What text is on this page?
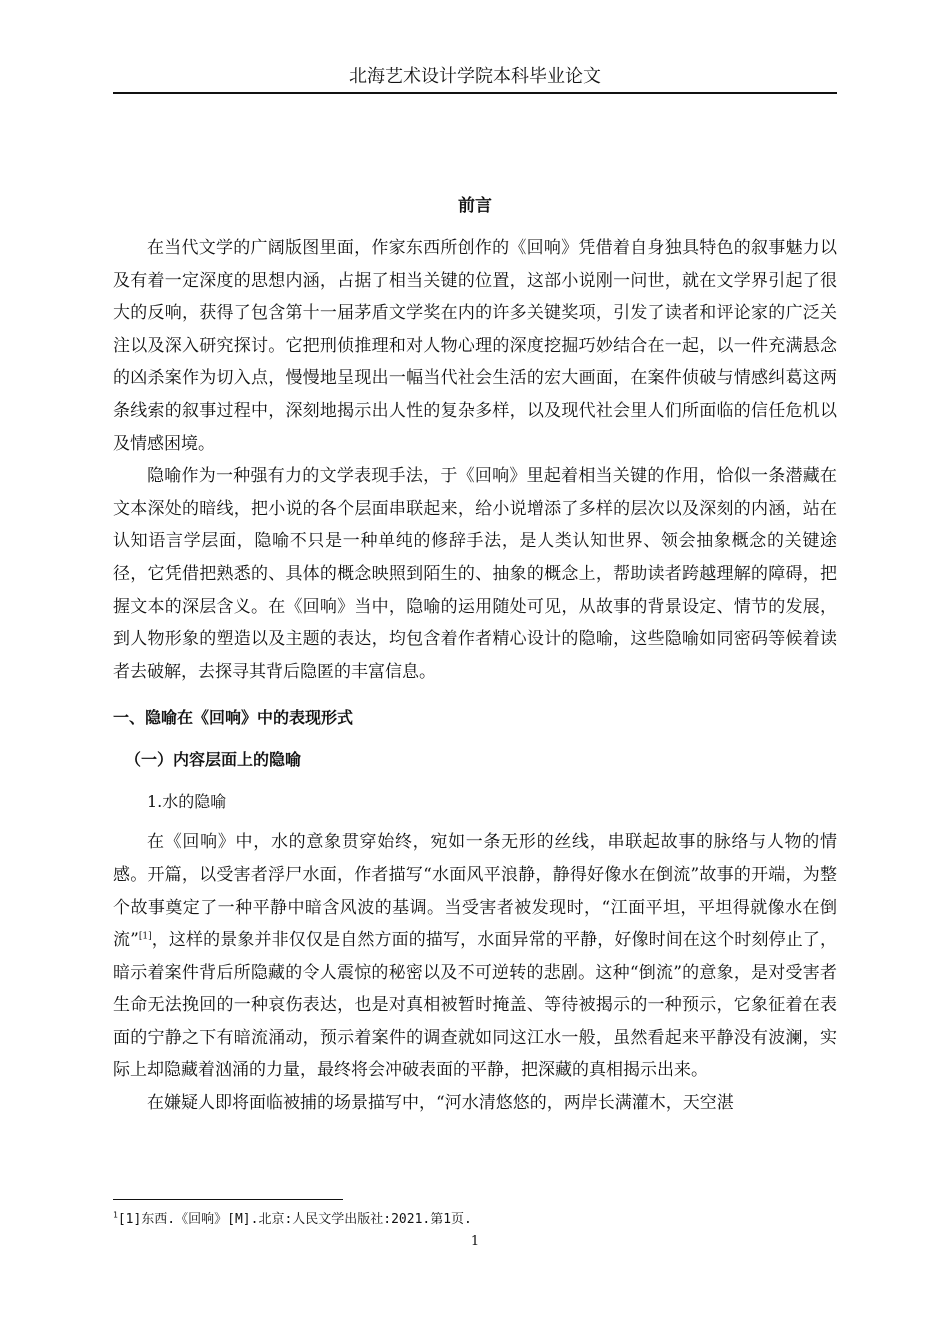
北海艺术设计学院本科毕业论文
前言

在当代文学的广阔版图里面，作家东西所创作的《回响》凭借着自身独具特色的叙事魅力以及有着一定深度的思想内涵，占据了相当关键的位置，这部小说刚一问世，就在文学界引起了很大的反响，获得了包含第十一届茅盾文学奖在内的许多关键奖项，引发了读者和评论家的广泛关注以及深入研究探讨。它把刑侦推理和对人物心理的深度挖掘巧妙结合在一起，以一件充满悬念的凶杀案作为切入点，慢慢地呈现出一幅当代社会生活的宏大画面，在案件侦破与情感纠葛这两条线索的叙事过程中，深刻地揭示出人性的复杂多样，以及现代社会里人们所面临的信任危机以及情感困境。

隐喻作为一种强有力的文学表现手法，于《回响》里起着相当关键的作用，恰似一条潜藏在文本深处的暗线，把小说的各个层面串联起来，给小说增添了多样的层次以及深刻的内涵，站在认知语言学层面，隐喻不只是一种单纯的修辞手法，是人类认知世界、领会抽象概念的关键途径，它凭借把熟悉的、具体的概念映照到陌生的、抽象的概念上，帮助读者跨越理解的障碍，把握文本的深层含义。在《回响》当中，隐喻的运用随处可见，从故事的背景设定、情节的发展，到人物形象的塑造以及主题的表达，均包含着作者精心设计的隐喻，这些隐喻如同密码等候着读者去破解，去探寻其背后隐匿的丰富信息。

一、隐喻在《回响》中的表现形式
（一）内容层面上的隐喻
1.水的隐喻

在《回响》中，水的意象贯穿始终，宛如一条无形的丝线，串联起故事的脉络与人物的情感。开篇，以受害者浮尸水面，作者描写“水面风平浪静，静得好像水在倒流”故事的开端，为整个故事奠定了一种平静中暗含风波的基调。当受害者被发现时，“江面平坦，平坦得就像水在倒流”[1]，这样的景象并非仅仅是自然方面的描写，水面异常的平静，好像时间在这个时刻停止了，暗示着案件背后所隐藏的令人震惊的秘密以及不可逆转的悲剧。这种“倒流”的意象，是对受害者生命无法挽回的一种哀伤表达，也是对真相被暂时掩盖、等待被揭示的一种预示，它象征着在表面的宁静之下有暗流涌动，预示着案件的调查就如同这江水一般，虽然看起来平静没有波澜，实际上却隐藏着汹涌的力量，最终将会冲破表面的平静，把深藏的真相揭示出来。

在嫌疑人即将面临被捕的场景描写中，“河水清悠悠的，两岸长满灌木，天空湛

$^1$[1]东西.《回响》[M].北京:人民文学出版社:2021.第1页.
1
